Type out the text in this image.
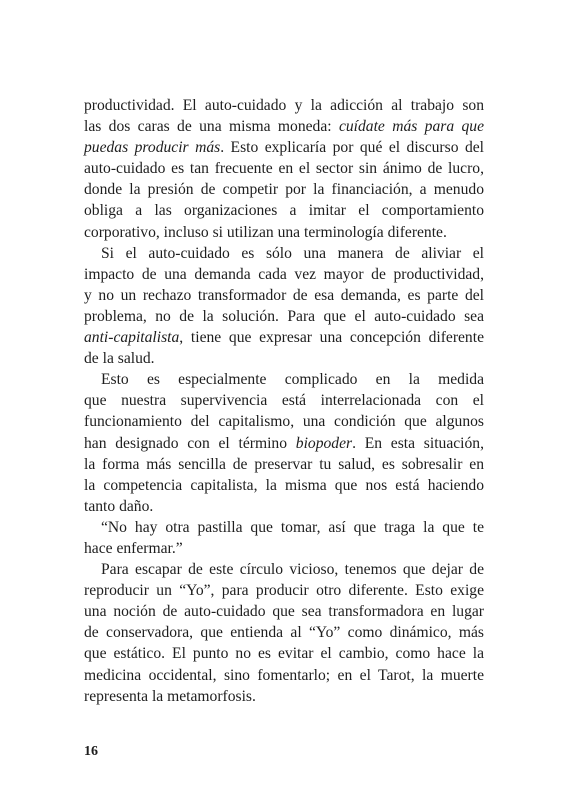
productividad. El auto-cuidado y la adicción al trabajo son
las dos caras de una misma moneda: cuídate más para que
puedas producir más. Esto explicaría por qué el discurso del
auto-cuidado es tan frecuente en el sector sin ánimo de lucro,
donde la presión de competir por la financiación, a menudo
obliga a las organizaciones a imitar el comportamiento
corporativo, incluso si utilizan una terminología diferente.
Si el auto-cuidado es sólo una manera de aliviar el
impacto de una demanda cada vez mayor de productividad,
y no un rechazo transformador de esa demanda, es parte del
problema, no de la solución. Para que el auto-cuidado sea
anti-capitalista, tiene que expresar una concepción diferente
de la salud.
Esto es especialmente complicado en la medida
que nuestra supervivencia está interrelacionada con el
funcionamiento del capitalismo, una condición que algunos
han designado con el término biopoder. En esta situación,
la forma más sencilla de preservar tu salud, es sobresalir en
la competencia capitalista, la misma que nos está haciendo
tanto daño.
“No hay otra pastilla que tomar, así que traga la que te
hace enfermar.”
Para escapar de este círculo vicioso, tenemos que dejar de
reproducir un “Yo”, para producir otro diferente. Esto exige
una noción de auto-cuidado que sea transformadora en lugar
de conservadora, que entienda al “Yo” como dinámico, más
que estático. El punto no es evitar el cambio, como hace la
medicina occidental, sino fomentarlo; en el Tarot, la muerte
representa la metamorfosis.
16
